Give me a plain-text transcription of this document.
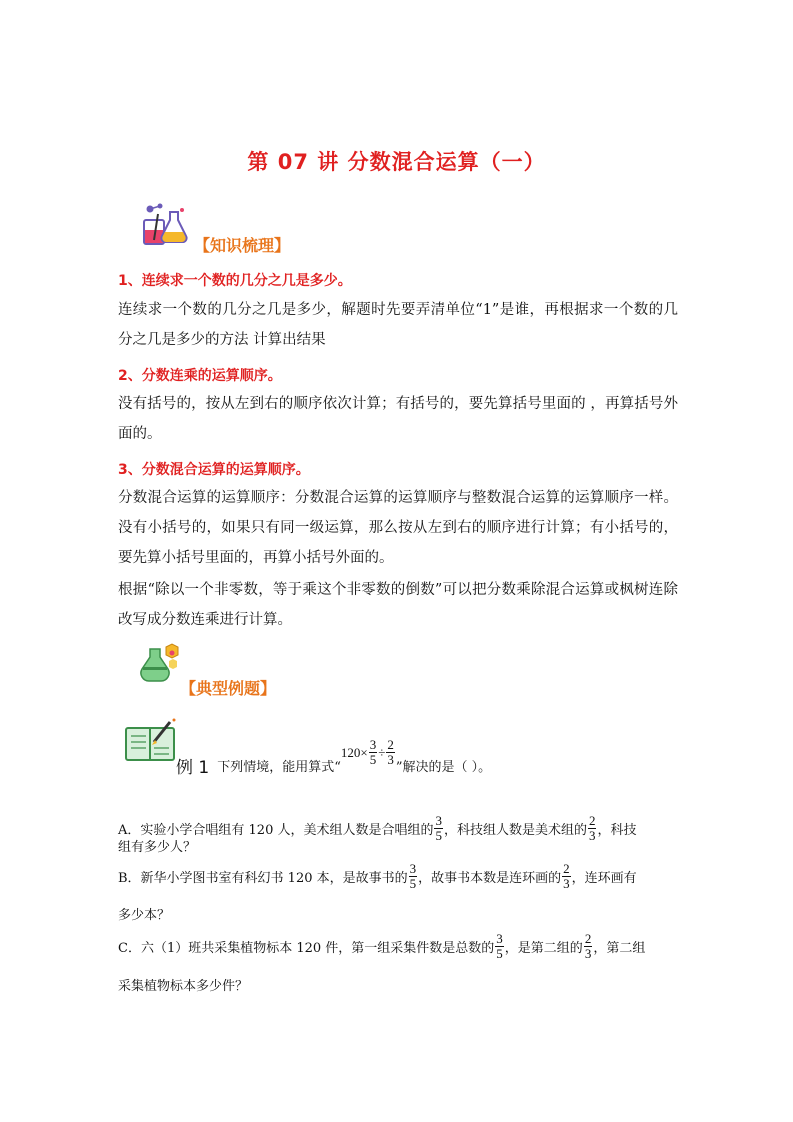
第 07 讲 分数混合运算（一）
【知识梳理】
1、连续求一个数的几分之几是多少。
连续求一个数的几分之几是多少，解题时先要弄清单位“1”是谁，再根据求一个数的几分之几是多少的方法 计算出结果
2、分数连乘的运算顺序。
没有括号的，按从左到右的顺序依次计算；有括号的，要先算括号里面的 ，再算括号外面的。
3、分数混合运算的运算顺序。
分数混合运算的运算顺序：分数混合运算的运算顺序与整数混合运算的运算顺序一样。没有小括号的，如果只有同一级运算，那么按从左到右的顺序进行计算；有小括号的，要先算小括号里面的，再算小括号外面的。
根据“除以一个非零数，等于乘这个非零数的倒数”可以把分数乘除混合运算或枫树连除改写成分数连乘进行计算。
【典型例题】
例 1 下列情境，能用算式“
$120\times \frac{3}{5} \div \frac{2}{3}$
”解决的是（ ）。
A．实验小学合唱组有 120 人，美术组人数是合唱组的 $\frac{3}{5}$ ，科技组人数是美术组的 $\frac{2}{3}$ ，科技
组有多少人？
B．新华小学图书室有科幻书 120 本，是故事书的 $\frac{3}{5}$ ，故事书本数是连环画的 $\frac{2}{3}$ ，连环画有
多少本？
C．六（1）班共采集植物标本 120 件，第一组采集件数是总数的 $\frac{3}{5}$ ，是第二组的 $\frac{2}{3}$ ，第二组
采集植物标本多少件？
